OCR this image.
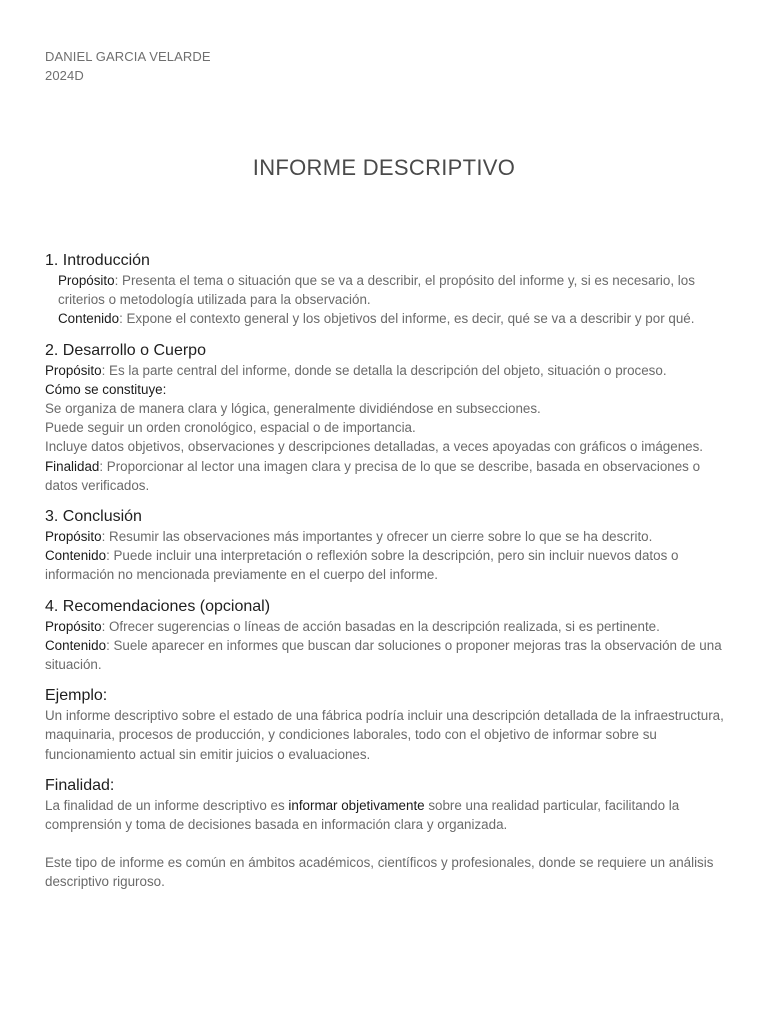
DANIEL GARCIA VELARDE
2024D
INFORME DESCRIPTIVO

1. Introducción

Propósito: Presenta el tema o situación que se va a describir, el propósito del informe y, si es necesario, los criterios o metodología utilizada para la observación.

Contenido: Expone el contexto general y los objetivos del informe, es decir, qué se va a describir y por qué.

2. Desarrollo o Cuerpo

Propósito: Es la parte central del informe, donde se detalla la descripción del objeto, situación o proceso.

Cómo se constituye:

Se organiza de manera clara y lógica, generalmente dividiéndose en subsecciones.

Puede seguir un orden cronológico, espacial o de importancia.

Incluye datos objetivos, observaciones y descripciones detalladas, a veces apoyadas con gráficos o imágenes.

Finalidad: Proporcionar al lector una imagen clara y precisa de lo que se describe, basada en observaciones o datos verificados.

3. Conclusión

Propósito: Resumir las observaciones más importantes y ofrecer un cierre sobre lo que se ha descrito.

Contenido: Puede incluir una interpretación o reflexión sobre la descripción, pero sin incluir nuevos datos o información no mencionada previamente en el cuerpo del informe.

4. Recomendaciones (opcional)

Propósito: Ofrecer sugerencias o líneas de acción basadas en la descripción realizada, si es pertinente.

Contenido: Suele aparecer en informes que buscan dar soluciones o proponer mejoras tras la observación de una situación.

Ejemplo:

Un informe descriptivo sobre el estado de una fábrica podría incluir una descripción detallada de la infraestructura, maquinaria, procesos de producción, y condiciones laborales, todo con el objetivo de informar sobre su funcionamiento actual sin emitir juicios o evaluaciones.

Finalidad:

La finalidad de un informe descriptivo es informar objetivamente sobre una realidad particular, facilitando la comprensión y toma de decisiones basada en información clara y organizada.

Este tipo de informe es común en ámbitos académicos, científicos y profesionales, donde se requiere un análisis descriptivo riguroso.
